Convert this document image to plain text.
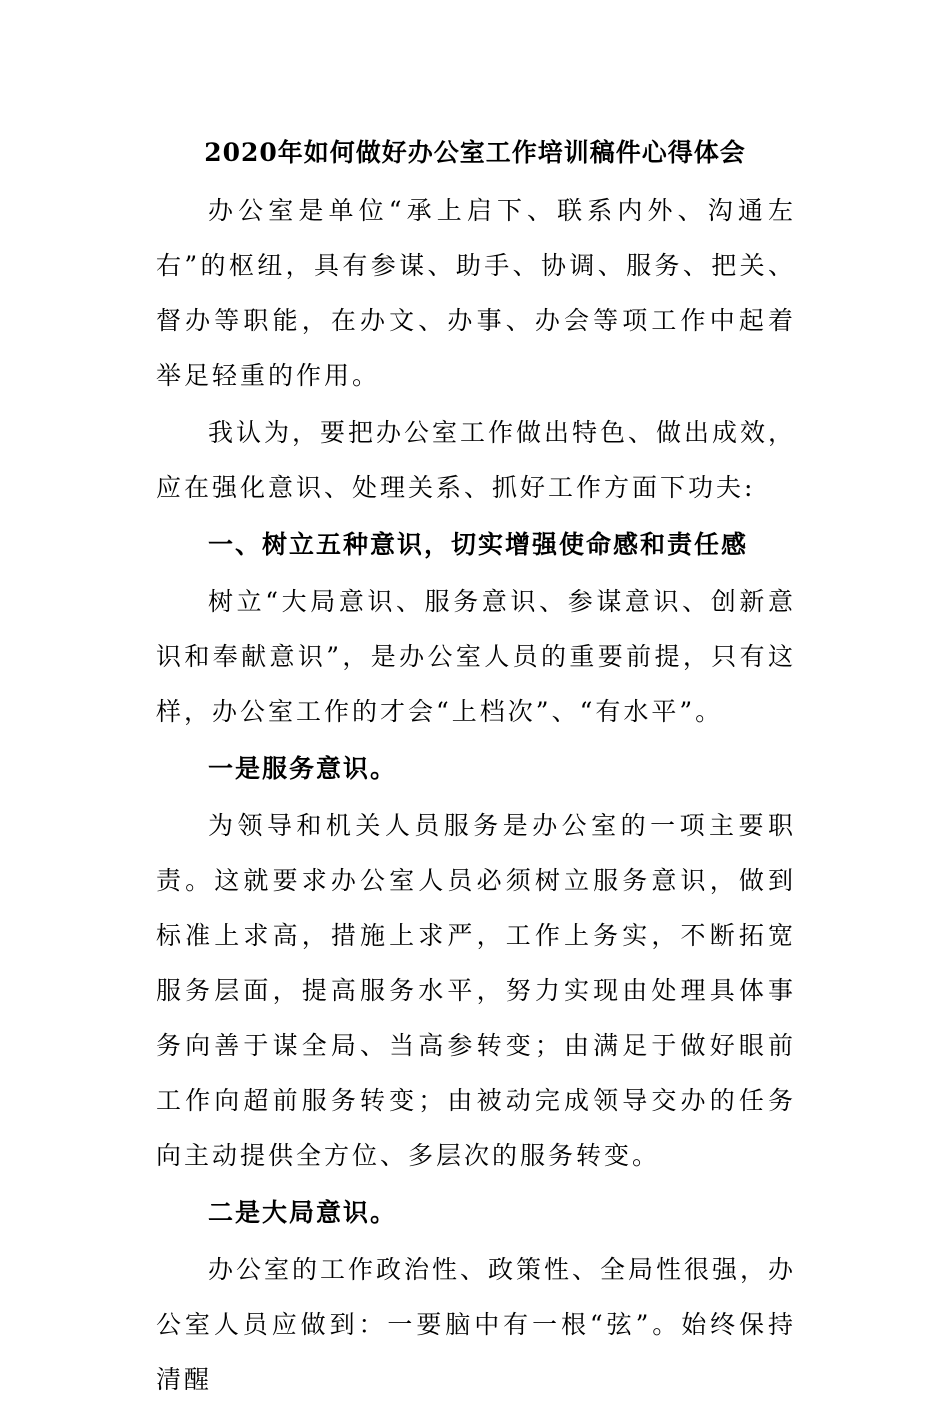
2020年如何做好办公室工作培训稿件心得体会

办公室是单位“承上启下、联系内外、沟通左右”的枢纽，具有参谋、助手、协调、服务、把关、督办等职能，在办文、办事、办会等项工作中起着举足轻重的作用。

我认为，要把办公室工作做出特色、做出成效，应在强化意识、处理关系、抓好工作方面下功夫:

一、树立五种意识，切实增强使命感和责任感

树立“大局意识、服务意识、参谋意识、创新意识和奉献意识”，是办公室人员的重要前提，只有这样，办公室工作的才会“上档次”、“有水平”。

一是服务意识。

为领导和机关人员服务是办公室的一项主要职责。这就要求办公室人员必须树立服务意识，做到标准上求高，措施上求严，工作上务实，不断拓宽服务层面，提高服务水平，努力实现由处理具体事务向善于谋全局、当高参转变；由满足于做好眼前工作向超前服务转变；由被动完成领导交办的任务向主动提供全方位、多层次的服务转变。

二是大局意识。

办公室的工作政治性、政策性、全局性很强，办公室人员应做到：一要脑中有一根“弦”。始终保持清醒
